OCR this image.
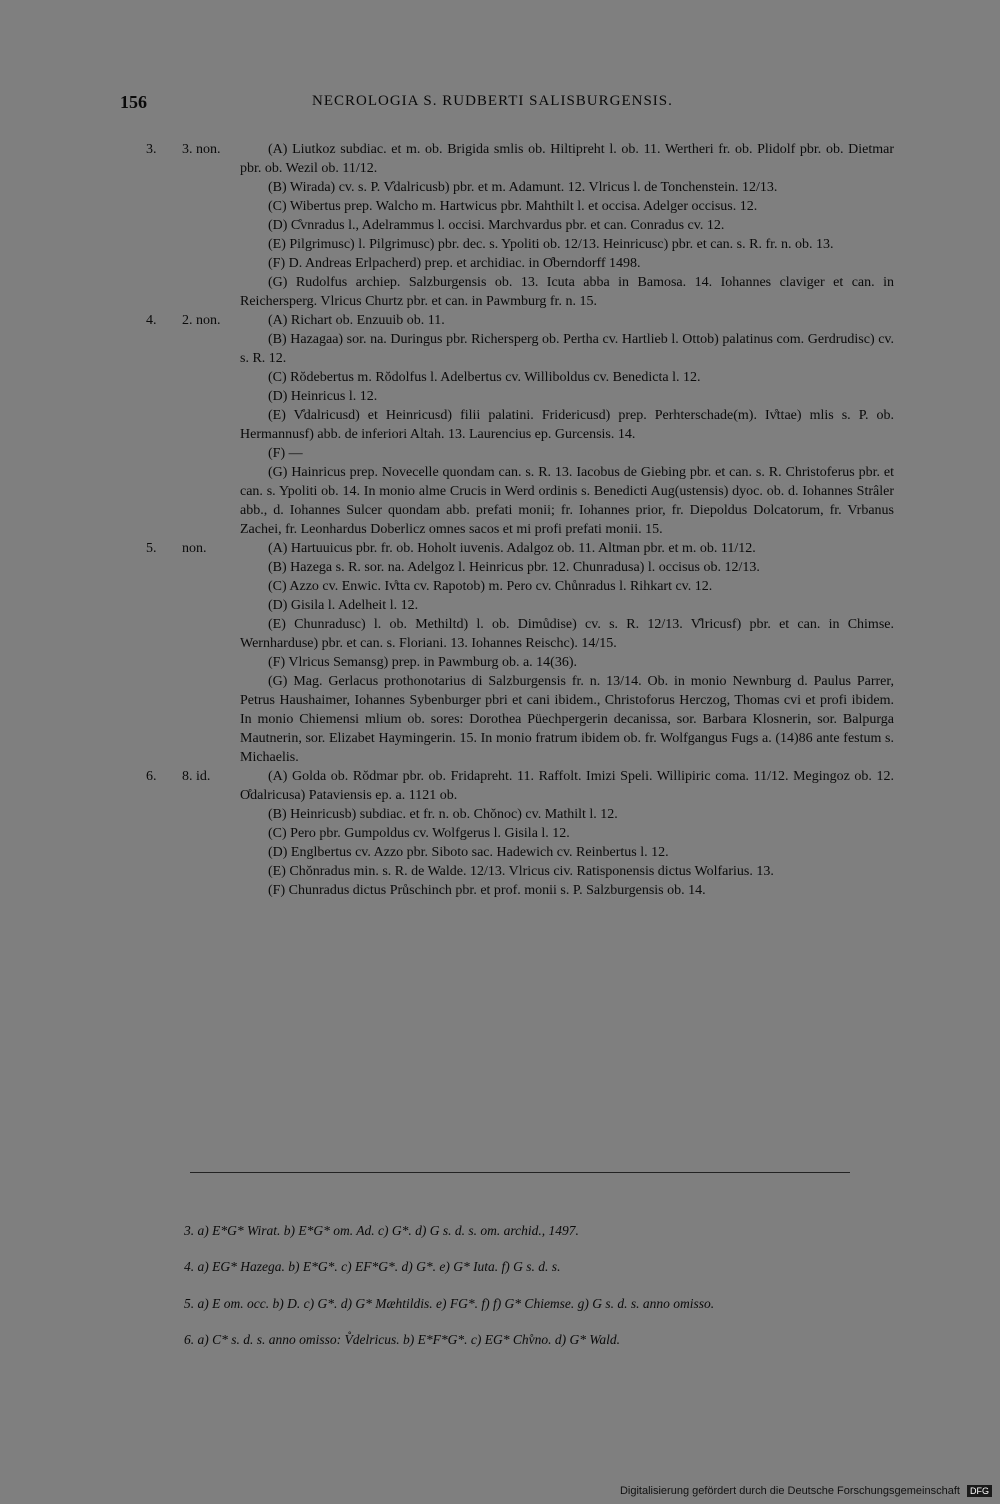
156	NECROLOGIA S. RUDBERTI SALISBURGENSIS.
3. 3. non.	(A) Liutkoz subdiac. et m. ob. Brigida smlis ob. Hiltipreht l. ob. 11. Wertheri fr. ob. Plidolf pbr. ob. Dietmar pbr. ob. Wezil ob. 11/12.

(B) Wirada) cv. s. P. V̊dalricusb) pbr. et m. Adamunt. 12. Vlricus l. de Tonchenstein. 12/13.

(C) Wibertus prep. Walcho m. Hartwicus pbr. Mahthilt l. et occisa. Adelger occisus. 12.

(D) C̊vnradus l., Adelrammus l. occisi. Marchvardus pbr. et can. Conradus cv. 12.

(E) Pilgrimusc) l. Pilgrimusc) pbr. dec. s. Ypoliti ob. 12/13. Heinricusc) pbr. et can. s. R. fr. n. ob. 13.

(F) D. Andreas Erlpacherd) prep. et archidiac. in O̊berndorff 1498.

(G) Rudolfus archiep. Salzburgensis ob. 13. Icuta abba in Bamosa. 14. Iohannes claviger et can. in Reichersperg. Vlricus Churtz pbr. et can. in Pawmburg fr. n. 15.

4. 2. non.	(A) Richart ob. Enzuuib ob. 11.

(B) Hazagaa) sor. na. Duringus pbr. Richersperg ob. Pertha cv. Hartlieb l. Ottob) palatinus com. Gerdrudisc) cv. s. R. 12.

(C) Rŏdebertus m. Rŏdolfus l. Adelbertus cv. Williboldus cv. Benedicta l. 12.

(D) Heinricus l. 12.

(E) V̊dalricusd) et Heinricusd) filii palatini. Fridericusd) prep. Perhterschade(m). Iv̊ttae) mlis s. P. ob. Hermannusf) abb. de inferiori Altah. 13. Laurencius ep. Gurcensis. 14.

(F) —

(G) Hainricus prep. Novecelle quondam can. s. R. 13. Iacobus de Giebing pbr. et can. s. R. Christoferus pbr. et can. s. Ypoliti ob. 14. In monio alme Crucis in Werd ordinis s. Benedicti Aug(ustensis) dyoc. ob. d. Iohannes Strâler abb., d. Iohannes Sulcer quondam abb. prefati monii; fr. Iohannes prior, fr. Diepoldus Dolcatorum, fr. Vrbanus Zachei, fr. Leonhardus Doberlicz omnes sacos et mi profi prefati monii. 15.

5. non.	(A) Hartuuicus pbr. fr. ob. Hoholt iuvenis. Adalgoz ob. 11. Altman pbr. et m. ob. 11/12.

(B) Hazega s. R. sor. na. Adelgoz l. Heinricus pbr. 12. Chunradusa) l. occisus ob. 12/13.

(C) Azzo cv. Enwic. Iv̊tta cv. Rapotob) m. Pero cv. Chůnradus l. Rihkart cv. 12.

(D) Gisila l. Adelheit l. 12.

(E) Chunradusc) l. ob. Methiltd) l. ob. Dimůdise) cv. s. R. 12/13. V̊lricusf) pbr. et can. in Chimse. Wernharduse) pbr. et can. s. Floriani. 13. Iohannes Reischc). 14/15.

(F) Vlricus Semansg) prep. in Pawmburg ob. a. 14(36).

(G) Mag. Gerlacus prothonotarius di Salzburgensis fr. n. 13/14. Ob. in monio Newnburg d. Paulus Parrer, Petrus Haushaimer, Iohannes Sybenburger pbri et cani ibidem., Christoforus Herczog, Thomas cvi et profi ibidem. In monio Chiemensi mlium ob. sores: Dorothea Püechpergerin decanissa, sor. Barbara Klosnerin, sor. Balpurga Mautnerin, sor. Elizabet Haymingerin. 15. In monio fratrum ibidem ob. fr. Wolfgangus Fugs a. (14)86 ante festum s. Michaelis.

6. 8. id.	(A) Golda ob. Rŏdmar pbr. ob. Fridapreht. 11. Raffolt. Imizi Speli. Willipiric coma. 11/12. Megingoz ob. 12. O̊dalricusa) Pataviensis ep. a. 1121 ob.

(B) Heinricusb) subdiac. et fr. n. ob. Chŏnoc) cv. Mathilt l. 12.

(C) Pero pbr. Gumpoldus cv. Wolfgerus l. Gisila l. 12.

(D) Englbertus cv. Azzo pbr. Siboto sac. Hadewich cv. Reinbertus l. 12.

(E) Chŏnradus min. s. R. de Walde. 12/13. Vlricus civ. Ratisponensis dictus Wolfarius. 13.

(F) Chunradus dictus Průschinch pbr. et prof. monii s. P. Salzburgensis ob. 14.

3. a) E*G* Wirat. b) E*G* om. Ad. c) G*. d) G s. d. s. om. archid., 1497.

4. a) EG* Hazega. b) E*G*. c) EF*G*. d) G*. e) G* Iuta. f) G s. d. s.

5. a) E om. occ. b) D. c) G*. d) G* Mæhtildis. e) FG*. f) f) G* Chiemse. g) G s. d. s. anno omisso.

6. a) C* s. d. s. anno omisso: V̊delricus. b) E*F*G*. c) EG* Chv̊no. d) G* Wald.

Digitalisierung gefördert durch die Deutsche Forschungsgemeinschaft DFG
